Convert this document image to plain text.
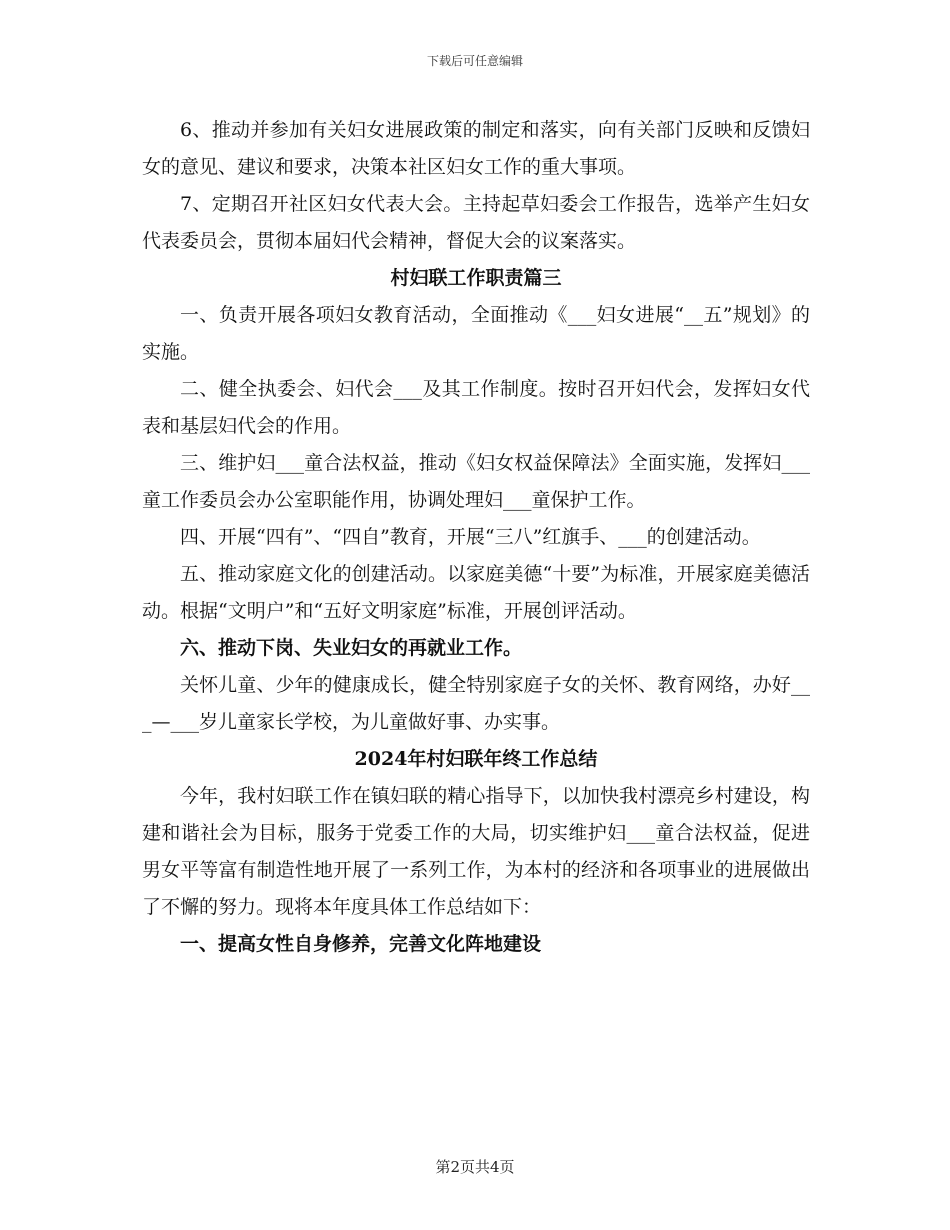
下载后可任意编辑

6、推动并参加有关妇女进展政策的制定和落实，向有关部门反映和反馈妇女的意见、建议和要求，决策本社区妇女工作的重大事项。

7、定期召开社区妇女代表大会。主持起草妇委会工作报告，选举产生妇女代表委员会，贯彻本届妇代会精神，督促大会的议案落实。

村妇联工作职责篇三

一、负责开展各项妇女教育活动，全面推动《___妇女进展“__五”规划》的实施。

二、健全执委会、妇代会___及其工作制度。按时召开妇代会，发挥妇女代表和基层妇代会的作用。

三、维护妇___童合法权益，推动《妇女权益保障法》全面实施，发挥妇___童工作委员会办公室职能作用，协调处理妇___童保护工作。

四、开展“四有”、“四自”教育，开展“三八”红旗手、___的创建活动。

五、推动家庭文化的创建活动。以家庭美德“十要”为标准，开展家庭美德活动。根据“文明户”和“五好文明家庭”标准，开展创评活动。

六、推动下岗、失业妇女的再就业工作。

关怀儿童、少年的健康成长，健全特别家庭子女的关怀、教育网络，办好___—___岁儿童家长学校，为儿童做好事、办实事。

2024年村妇联年终工作总结

今年，我村妇联工作在镇妇联的精心指导下，以加快我村漂亮乡村建设，构建和谐社会为目标，服务于党委工作的大局，切实维护妇___童合法权益，促进男女平等富有制造性地开展了一系列工作，为本村的经济和各项事业的进展做出了不懈的努力。现将本年度具体工作总结如下：

一、提高女性自身修养，完善文化阵地建设

第2页共4页
